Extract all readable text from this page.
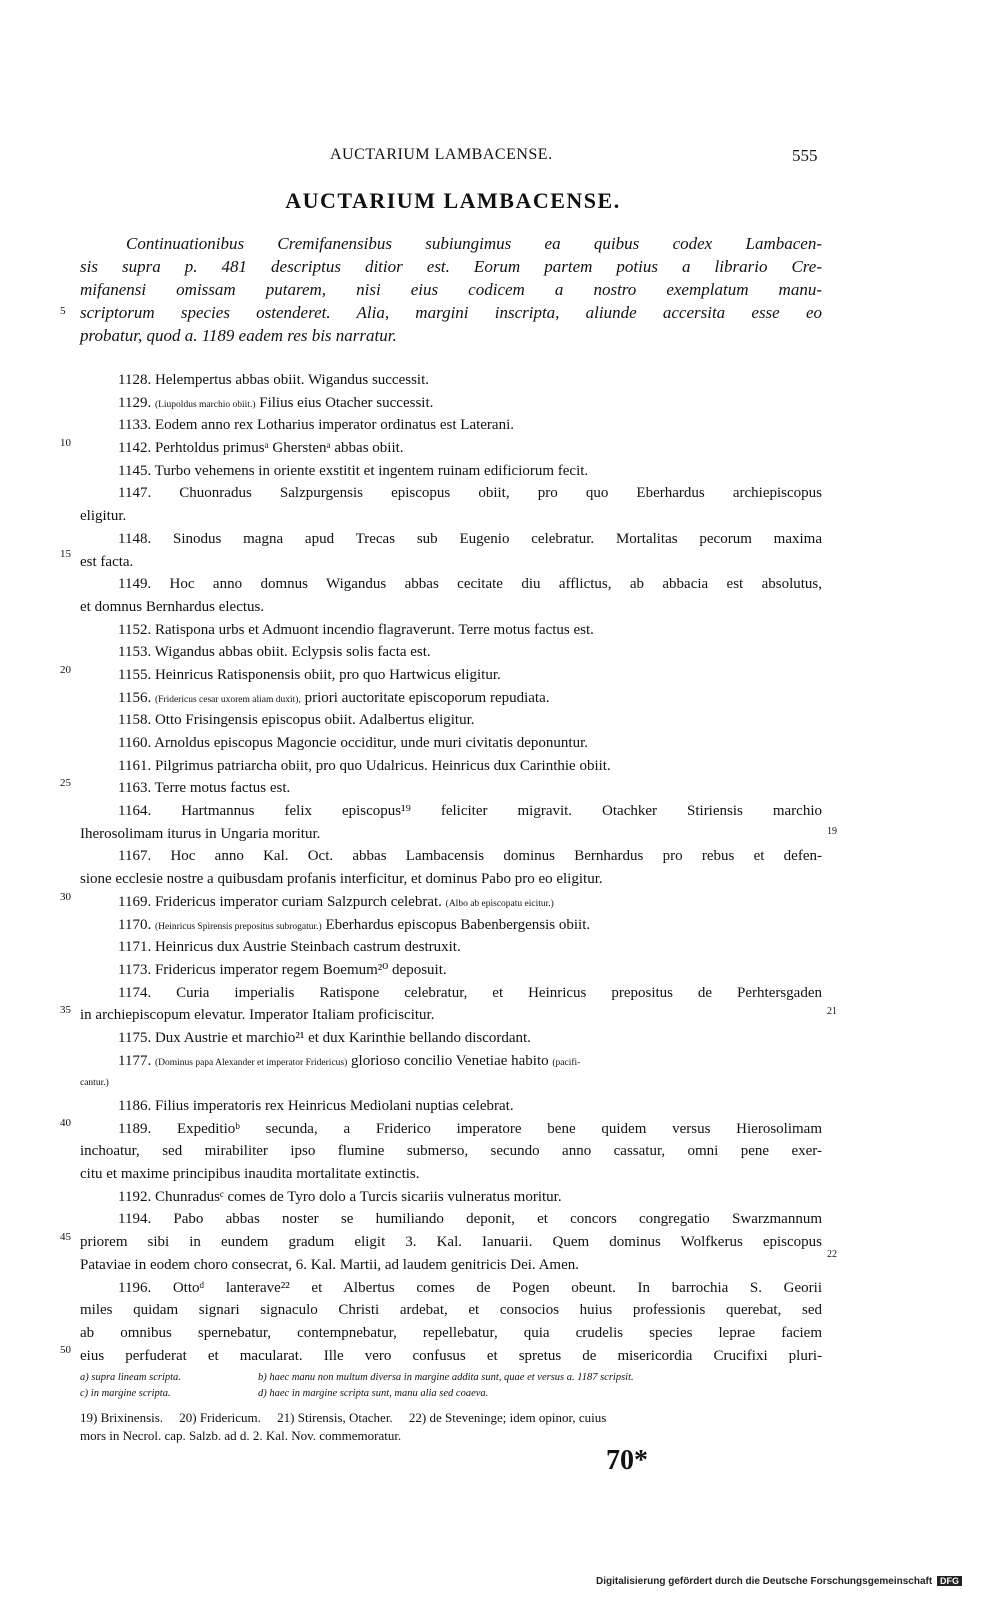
AUCTARIUM LAMBACENSE.	555
AUCTARIUM LAMBACENSE.
Continuationibus Cremifanensibus subiungimus ea quibus codex Lambacen-
sis supra p. 481 descriptus ditior est. Eorum partem potius a librario Cre-
mifanensi omissam putarem, nisi eius codicem a nostro exemplatum manu-
scriptorum species ostenderet. Alia, margini inscripta, aliunde accersita esse eo
probatur, quod a. 1189 eadem res bis narratur.
5
10
15
20
25
30
35
40
45
50
19
21
22
1128. Helempertus abbas obiit. Wigandus successit.
1129. (Liupoldus marchio obiit.) Filius eius Otacher successit.
1133. Eodem anno rex Lotharius imperator ordinatus est Laterani.
1142. Perhtoldus primusᵃ Gherstenᵃ abbas obiit.
1145. Turbo vehemens in oriente exstitit et ingentem ruinam edificiorum fecit.
1147. Chuonradus Salzpurgensis episcopus obiit, pro quo Eberhardus archiepiscopus
eligitur.
1148. Sinodus magna apud Trecas sub Eugenio celebratur. Mortalitas pecorum maxima
est facta.
1149. Hoc anno domnus Wigandus abbas cecitate diu afflictus, ab abbacia est absolutus,
et domnus Bernhardus electus.
1152. Ratispona urbs et Admuont incendio flagraverunt. Terre motus factus est.
1153. Wigandus abbas obiit. Eclypsis solis facta est.
1155. Heinricus Ratisponensis obiit, pro quo Hartwicus eligitur.
1156. (Fridericus cesar uxorem aliam duxit), priori auctoritate episcoporum repudiata.
1158. Otto Frisingensis episcopus obiit. Adalbertus eligitur.
1160. Arnoldus episcopus Magoncie occiditur, unde muri civitatis deponuntur.
1161. Pilgrimus patriarcha obiit, pro quo Udalricus. Heinricus dux Carinthie obiit.
1163. Terre motus factus est.
1164. Hartmannus felix episcopus¹⁹ feliciter migravit. Otachker Stiriensis marchio
Iherosolimam iturus in Ungaria moritur.
1167. Hoc anno Kal. Oct. abbas Lambacensis dominus Bernhardus pro rebus et defen-
sione ecclesie nostre a quibusdam profanis interficitur, et dominus Pabo pro eo eligitur.
1169. Fridericus imperator curiam Salzpurch celebrat. (Albo ab episcopatu eicitur.)
1170. (Heinricus Spirensis prepositus subrogatur.) Eberhardus episcopus Babenbergensis obiit.
1171. Heinricus dux Austrie Steinbach castrum destruxit.
1173. Fridericus imperator regem Boemum²⁰ deposuit.
1174. Curia imperialis Ratispone celebratur, et Heinricus prepositus de Perhtersgaden
in archiepiscopum elevatur. Imperator Italiam proficiscitur.
1175. Dux Austrie et marchio²¹ et dux Karinthie bellando discordant.
1177. (Dominus papa Alexander et imperator Fridericus) glorioso concilio Venetiae habito (pacifi-
cantur.)
1186. Filius imperatoris rex Heinricus Mediolani nuptias celebrat.
1189. Expeditioᵇ secunda, a Friderico imperatore bene quidem versus Hierosolimam
inchoatur, sed mirabiliter ipso flumine submerso, secundo anno cassatur, omni pene exer-
citu et maxime principibus inaudita mortalitate extinctis.
1192. Chunradusᶜ comes de Tyro dolo a Turcis sicariis vulneratus moritur.
1194. Pabo abbas noster se humiliando deponit, et concors congregatio Swarzmannum
priorem sibi in eundem gradum eligit 3. Kal. Ianuarii. Quem dominus Wolfkerus episcopus
Pataviae in eodem choro consecrat, 6. Kal. Martii, ad laudem genitricis Dei. Amen.
1196. Ottoᵈ lanterave²² et Albertus comes de Pogen obeunt. In barrochia S. Georii
miles quidam signari signaculo Christi ardebat, et consocios huius professionis querebat, sed
ab omnibus spernebatur, contempnebatur, repellebatur, quia crudelis species leprae faciem
eius perfuderat et macularat. Ille vero confusus et spretus de misericordia Crucifixi pluri-
a) supra lineam scripta.	b) haec manu non multum diversa in margine addita sunt, quae et versus a. 1187 scripsit.
c) in margine scripta.	d) haec in margine scripta sunt, manu alia sed coaeva.
19) Brixinensis.     20) Fridericum.     21) Stirensis, Otacher.     22) de Steveninge; idem opinor, cuius
mors in Necrol. cap. Salzb. ad d. 2. Kal. Nov. commemoratur.
70*
Digitalisierung gefördert durch die Deutsche Forschungsgemeinschaft DFG
